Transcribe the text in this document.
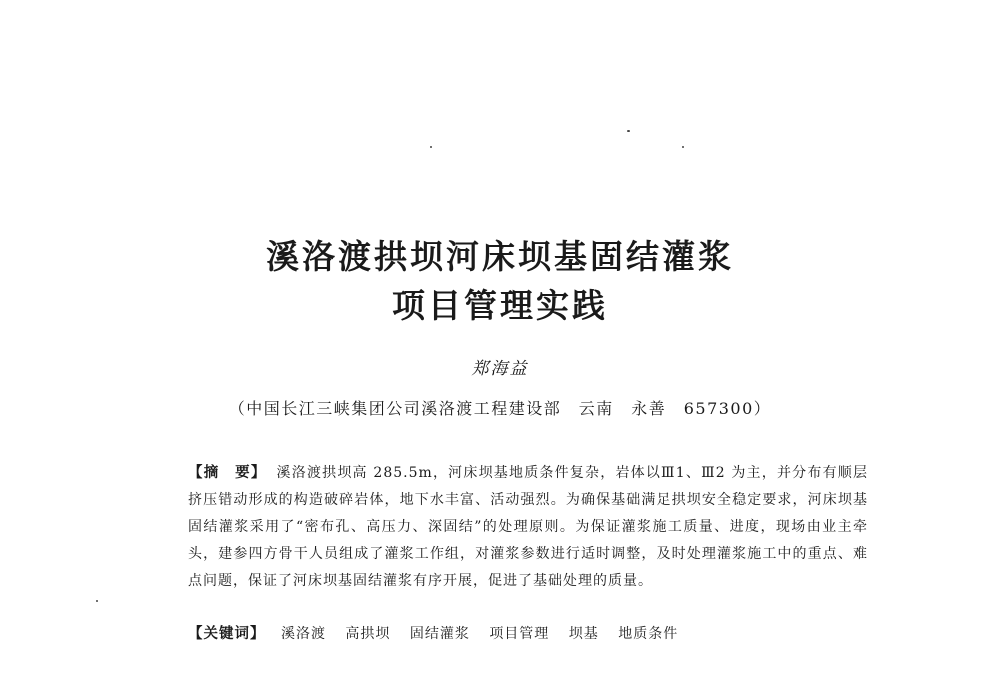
溪洛渡拱坝河床坝基固结灌浆
项目管理实践
郑海益
（中国长江三峡集团公司溪洛渡工程建设部　云南　永善　657300）
【摘　要】 溪洛渡拱坝高 285.5m，河床坝基地质条件复杂，岩体以Ⅲ1、Ⅲ2 为主，并分布有顺层挤压错动形成的构造破碎岩体，地下水丰富、活动强烈。为确保基础满足拱坝安全稳定要求，河床坝基固结灌浆采用了“密布孔、高压力、深固结”的处理原则。为保证灌浆施工质量、进度，现场由业主牵头，建参四方骨干人员组成了灌浆工作组，对灌浆参数进行适时调整，及时处理灌浆施工中的重点、难点问题，保证了河床坝基固结灌浆有序开展，促进了基础处理的质量。
【关键词】 溪洛渡 高拱坝 固结灌浆 项目管理 坝基 地质条件
